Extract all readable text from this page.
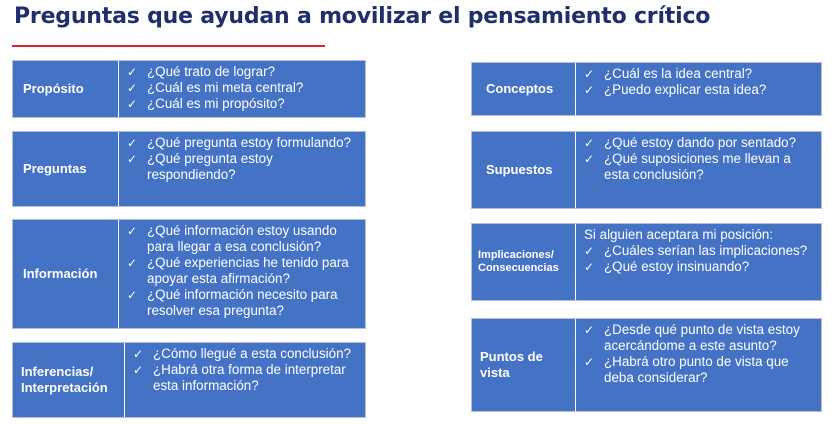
Preguntas que ayudan a movilizar el pensamiento crítico
Propósito
✓ ¿Qué trato de lograr?
✓ ¿Cuál es mi meta central?
✓ ¿Cuál es mi propósito?
Preguntas
✓ ¿Qué pregunta estoy formulando?
✓ ¿Qué pregunta estoy respondiendo?
Información
✓ ¿Qué información estoy usando para llegar a esa conclusión?
✓ ¿Qué experiencias he tenido para apoyar esta afirmación?
✓ ¿Qué información necesito para resolver esa pregunta?
Inferencias/ Interpretación
✓ ¿Cómo llegué a esta conclusión?
✓ ¿Habrá otra forma de interpretar esta información?
Conceptos
✓ ¿Cuál es la idea central?
✓ ¿Puedo explicar esta idea?
Supuestos
✓ ¿Qué estoy dando por sentado?
✓ ¿Qué suposiciones me llevan a esta conclusión?
Implicaciones/ Consecuencias
Si alguien aceptara mi posición:
✓ ¿Cuáles serían las implicaciones?
✓ ¿Qué estoy insinuando?
Puntos de vista
✓ ¿Desde qué punto de vista estoy acercándome a este asunto?
✓ ¿Habrá otro punto de vista que deba considerar?
